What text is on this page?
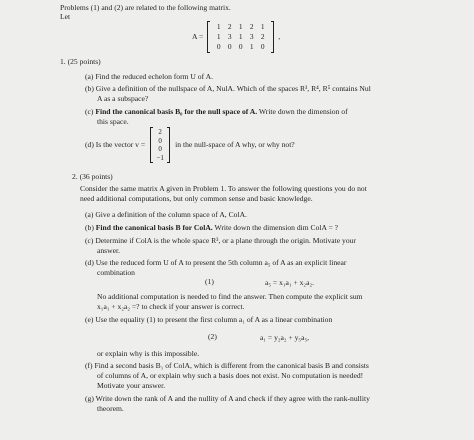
Problems (1) and (2) are related to the following matrix.
Let
A =
1 2 1 2 1
1 3 1 3 2
0 0 0 1 0
,
1. (25 points)
(a) Find the reduced echelon form U of A.
(b) Give a definition of the nullspace of A, NulA. Which of the spaces R³, R⁴, R⁵ contains Nul
A as a subspace?
(c) Find the canonical basis B₀ for the null space of A. Write down the dimension of
this space.
(d) Is the vector v =
2
0
0
−1
in the null-space of A why, or why not?
2. (36 points)
Consider the same matrix A given in Problem 1. To answer the following questions you do not
need additional computations, but only common sense and basic knowledge.
(a) Give a definition of the column space of A, ColA.
(b) Find the canonical basis B for ColA. Write down the dimension dim ColA = ?
(c) Determine if ColA is the whole space R³, or a plane through the origin. Motivate your
answer.
(d) Use the reduced form U of A to present the 5th column a₅ of A as an explicit linear
combination
(1)	a₅ = x₁a₁ + x₂a₂.
No additional computation is needed to find the answer. Then compute the explicit sum
x₁a₁ + x₂a₂ =? to check if your answer is correct.
(e) Use the equality (1) to present the first column a₁ of A as a linear combination
(2)	a₁ = y₂a₂ + y₅a₅,
or explain why is this impossible.
(f) Find a second basis B₁ of ColA, which is different from the canonical basis B and consists
of columns of A, or explain why such a basis does not exist. No computation is needed!
Motivate your answer.
(g) Write down the rank of A and the nullity of A and check if they agree with the rank-nullity
theorem.
